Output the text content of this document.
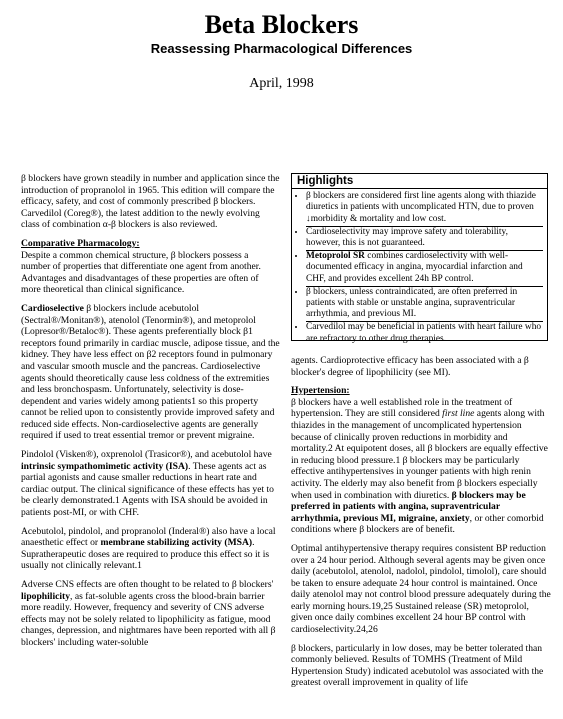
Beta Blockers
Reassessing Pharmacological Differences
April, 1998

β blockers have grown steadily in number and application since the introduction of propranolol in 1965. This edition will compare the efficacy, safety, and cost of commonly prescribed β blockers. Carvedilol (Coreg®), the latest addition to the newly evolving class of combination α-β blockers is also reviewed.

Comparative Pharmacology:
Despite a common chemical structure, β blockers possess a number of properties that differentiate one agent from another. Advantages and disadvantages of these properties are often of more theoretical than clinical significance.

Cardioselective β blockers include acebutolol (Sectral®/Monitan®), atenolol (Tenormin®), and metoprolol (Lopresor®/Betaloc®). These agents preferentially block β1 receptors found primarily in cardiac muscle, adipose tissue, and the kidney. They have less effect on β2 receptors found in pulmonary and vascular smooth muscle and the pancreas. Cardioselective agents should theoretically cause less coldness of the extremities and less bronchospasm. Unfortunately, selectivity is dose-dependent and varies widely among patients1 so this property cannot be relied upon to consistently provide improved safety and reduced side effects. Non-cardioselective agents are generally required if used to treat essential tremor or prevent migraine.

Pindolol (Visken®), oxprenolol (Trasicor®), and acebutolol have intrinsic sympathomimetic activity (ISA). These agents act as partial agonists and cause smaller reductions in heart rate and cardiac output. The clinical significance of these effects has yet to be clearly demonstrated.1 Agents with ISA should be avoided in patients post-MI, or with CHF.

Acebutolol, pindolol, and propranolol (Inderal®) also have a local anaesthetic effect or membrane stabilizing activity (MSA). Supratherapeutic doses are required to produce this effect so it is usually not clinically relevant.1

Adverse CNS effects are often thought to be related to β blockers' lipophilicity, as fat-soluble agents cross the blood-brain barrier more readily. However, frequency and severity of CNS adverse effects may not be solely related to lipophilicity as fatigue, mood changes, depression, and nightmares have been reported with all β blockers' including water-soluble

Highlights
• β blockers are considered first line agents along with thiazide diuretics in patients with uncomplicated HTN, due to proven ↓morbidity & mortality and low cost.
• Cardioselectivity may improve safety and tolerability, however, this is not guaranteed.
• Metoprolol SR combines cardioselectivity with well-documented efficacy in angina, myocardial infarction and CHF, and provides excellent 24h BP control.
• β blockers, unless contraindicated, are often preferred in patients with stable or unstable angina, supraventricular arrhythmia, and previous MI.
• Carvedilol may be beneficial in patients with heart failure who are refractory to other drug therapies.

agents. Cardioprotective efficacy has been associated with a β blocker's degree of lipophilicity (see MI).

Hypertension:
β blockers have a well established role in the treatment of hypertension. They are still considered first line agents along with thiazides in the management of uncomplicated hypertension because of clinically proven reductions in morbidity and mortality.2 At equipotent doses, all β blockers are equally effective in reducing blood pressure.1 β blockers may be particularly effective antihypertensives in younger patients with high renin activity. The elderly may also benefit from β blockers especially when used in combination with diuretics. β blockers may be preferred in patients with angina, supraventricular arrhythmia, previous MI, migraine, anxiety, or other comorbid conditions where β blockers are of benefit.

Optimal antihypertensive therapy requires consistent BP reduction over a 24 hour period. Although several agents may be given once daily (acebutolol, atenolol, nadolol, pindolol, timolol), care should be taken to ensure adequate 24 hour control is maintained. Once daily atenolol may not control blood pressure adequately during the early morning hours.19,25 Sustained release (SR) metoprolol, given once daily combines excellent 24 hour BP control with cardioselectivity.24,26

β blockers, particularly in low doses, may be better tolerated than commonly believed. Results of TOMHS (Treatment of Mild Hypertension Study) indicated acebutolol was associated with the greatest overall improvement in quality of life
